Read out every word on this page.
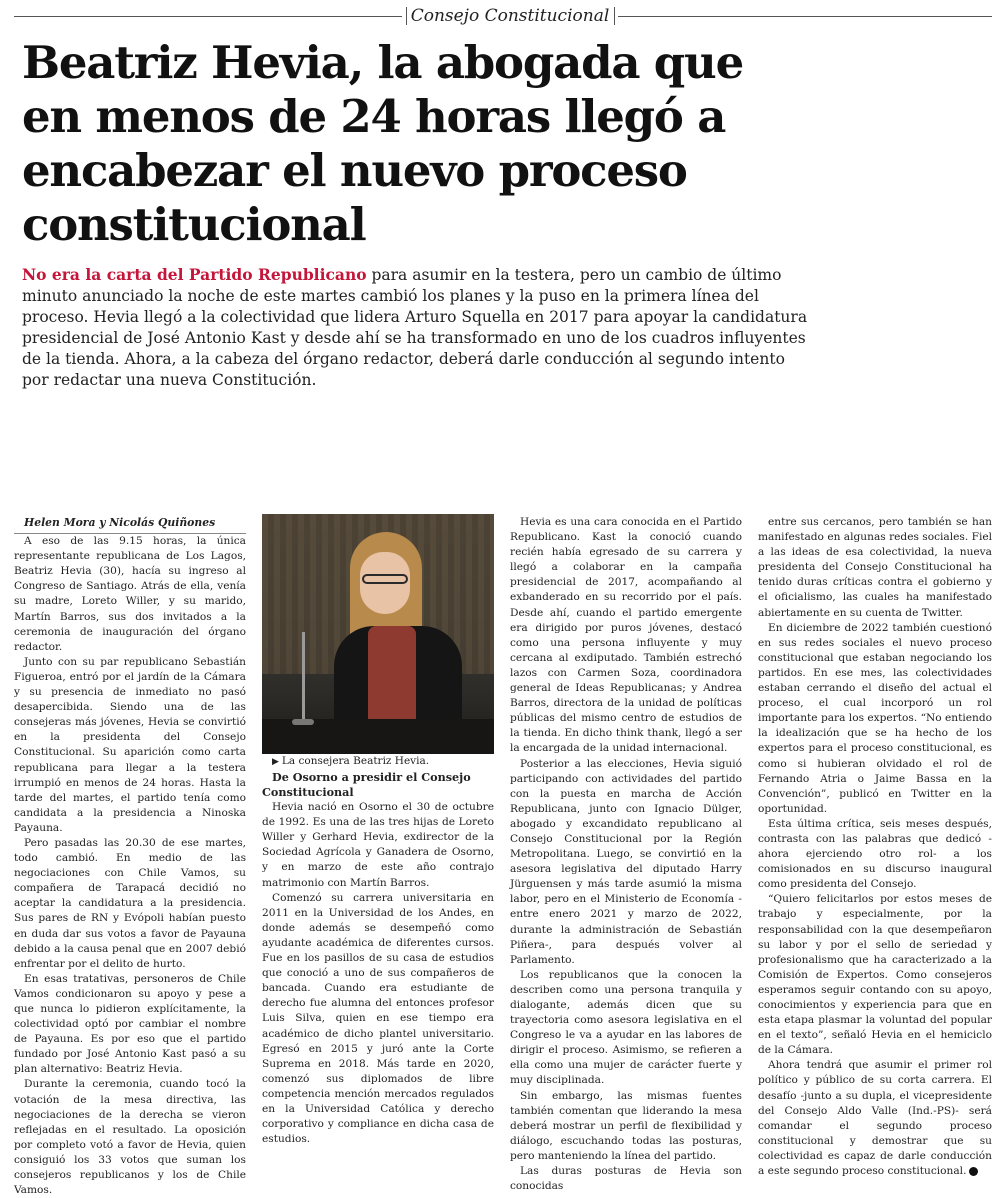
Consejo Constitucional
Beatriz Hevia, la abogada que en menos de 24 horas llegó a encabezar el nuevo proceso constitucional

No era la carta del Partido Republicano para asumir en la testera, pero un cambio de último minuto anunciado la noche de este martes cambió los planes y la puso en la primera línea del proceso. Hevia llegó a la colectividad que lidera Arturo Squella en 2017 para apoyar la candidatura presidencial de José Antonio Kast y desde ahí se ha transformado en uno de los cuadros influyentes de la tienda. Ahora, a la cabeza del órgano redactor, deberá darle conducción al segundo intento por redactar una nueva Constitución.

Helen Mora y Nicolás Quiñones

A eso de las 9.15 horas, la única representante republicana de Los Lagos, Beatriz Hevia (30), hacía su ingreso al Congreso de Santiago. Atrás de ella, venía su madre, Loreto Willer, y su marido, Martín Barros, sus dos invitados a la ceremonia de inauguración del órgano redactor.

Junto con su par republicano Sebastián Figueroa, entró por el jardín de la Cámara y su presencia de inmediato no pasó desapercibida. Siendo una de las consejeras más jóvenes, Hevia se convirtió en la presidenta del Consejo Constitucional. Su aparición como carta republicana para llegar a la testera irrumpió en menos de 24 horas. Hasta la tarde del martes, el partido tenía como candidata a la presidencia a Ninoska Payauna.

Pero pasadas las 20.30 de ese martes, todo cambió. En medio de las negociaciones con Chile Vamos, su compañera de Tarapacá decidió no aceptar la candidatura a la presidencia. Sus pares de RN y Evópoli habían puesto en duda dar sus votos a favor de Payauna debido a la causa penal que en 2007 debió enfrentar por el delito de hurto.

En esas tratativas, personeros de Chile Vamos condicionaron su apoyo y pese a que nunca lo pidieron explícitamente, la colectividad optó por cambiar el nombre de Payauna. Es por eso que el partido fundado por José Antonio Kast pasó a su plan alternativo: Beatriz Hevia.

Durante la ceremonia, cuando tocó la votación de la mesa directiva, las negociaciones de la derecha se vieron reflejadas en el resultado. La oposición por completo votó a favor de Hevia, quien consiguió los 33 votos que suman los consejeros republicanos y los de Chile Vamos.

▶ La consejera Beatriz Hevia.

De Osorno a presidir el Consejo Constitucional

Hevia nació en Osorno el 30 de octubre de 1992. Es una de las tres hijas de Loreto Willer y Gerhard Hevia, exdirector de la Sociedad Agrícola y Ganadera de Osorno, y en marzo de este año contrajo matrimonio con Martín Barros.

Comenzó su carrera universitaria en 2011 en la Universidad de los Andes, en donde además se desempeñó como ayudante académica de diferentes cursos. Fue en los pasillos de su casa de estudios que conoció a uno de sus compañeros de bancada. Cuando era estudiante de derecho fue alumna del entonces profesor Luis Silva, quien en ese tiempo era académico de dicho plantel universitario. Egresó en 2015 y juró ante la Corte Suprema en 2018. Más tarde en 2020, comenzó sus diplomados de libre competencia mención mercados regulados en la Universidad Católica y derecho corporativo y compliance en dicha casa de estudios.

Hevia es una cara conocida en el Partido Republicano. Kast la conoció cuando recién había egresado de su carrera y llegó a colaborar en la campaña presidencial de 2017, acompañando al exbanderado en su recorrido por el país. Desde ahí, cuando el partido emergente era dirigido por puros jóvenes, destacó como una persona influyente y muy cercana al exdiputado. También estrechó lazos con Carmen Soza, coordinadora general de Ideas Republicanas; y Andrea Barros, directora de la unidad de políticas públicas del mismo centro de estudios de la tienda. En dicho think thank, llegó a ser la encargada de la unidad internacional.

Posterior a las elecciones, Hevia siguió participando con actividades del partido con la puesta en marcha de Acción Republicana, junto con Ignacio Dülger, abogado y excandidato republicano al Consejo Constitucional por la Región Metropolitana. Luego, se convirtió en la asesora legislativa del diputado Harry Jürguensen y más tarde asumió la misma labor, pero en el Ministerio de Economía -entre enero 2021 y marzo de 2022, durante la administración de Sebastián Piñera-, para después volver al Parlamento.

Los republicanos que la conocen la describen como una persona tranquila y dialogante, además dicen que su trayectoria como asesora legislativa en el Congreso le va a ayudar en las labores de dirigir el proceso. Asimismo, se refieren a ella como una mujer de carácter fuerte y muy disciplinada.

Sin embargo, las mismas fuentes también comentan que liderando la mesa deberá mostrar un perfil de flexibilidad y diálogo, escuchando todas las posturas, pero manteniendo la línea del partido.

Las duras posturas de Hevia son conocidas

entre sus cercanos, pero también se han manifestado en algunas redes sociales. Fiel a las ideas de esa colectividad, la nueva presidenta del Consejo Constitucional ha tenido duras críticas contra el gobierno y el oficialismo, las cuales ha manifestado abiertamente en su cuenta de Twitter.

En diciembre de 2022 también cuestionó en sus redes sociales el nuevo proceso constitucional que estaban negociando los partidos. En ese mes, las colectividades estaban cerrando el diseño del actual el proceso, el cual incorporó un rol importante para los expertos. “No entiendo la idealización que se ha hecho de los expertos para el proceso constitucional, es como si hubieran olvidado el rol de Fernando Atria o Jaime Bassa en la Convención”, publicó en Twitter en la oportunidad.

Esta última crítica, seis meses después, contrasta con las palabras que dedicó -ahora ejerciendo otro rol- a los comisionados en su discurso inaugural como presidenta del Consejo.

“Quiero felicitarlos por estos meses de trabajo y especialmente, por la responsabilidad con la que desempeñaron su labor y por el sello de seriedad y profesionalismo que ha caracterizado a la Comisión de Expertos. Como consejeros esperamos seguir contando con su apoyo, conocimientos y experiencia para que en esta etapa plasmar la voluntad del popular en el texto”, señaló Hevia en el hemiciclo de la Cámara.

Ahora tendrá que asumir el primer rol político y público de su corta carrera. El desafío -junto a su dupla, el vicepresidente del Consejo Aldo Valle (Ind.-PS)- será comandar el segundo proceso constitucional y demostrar que su colectividad es capaz de darle conducción a este segundo proceso constitucional.
